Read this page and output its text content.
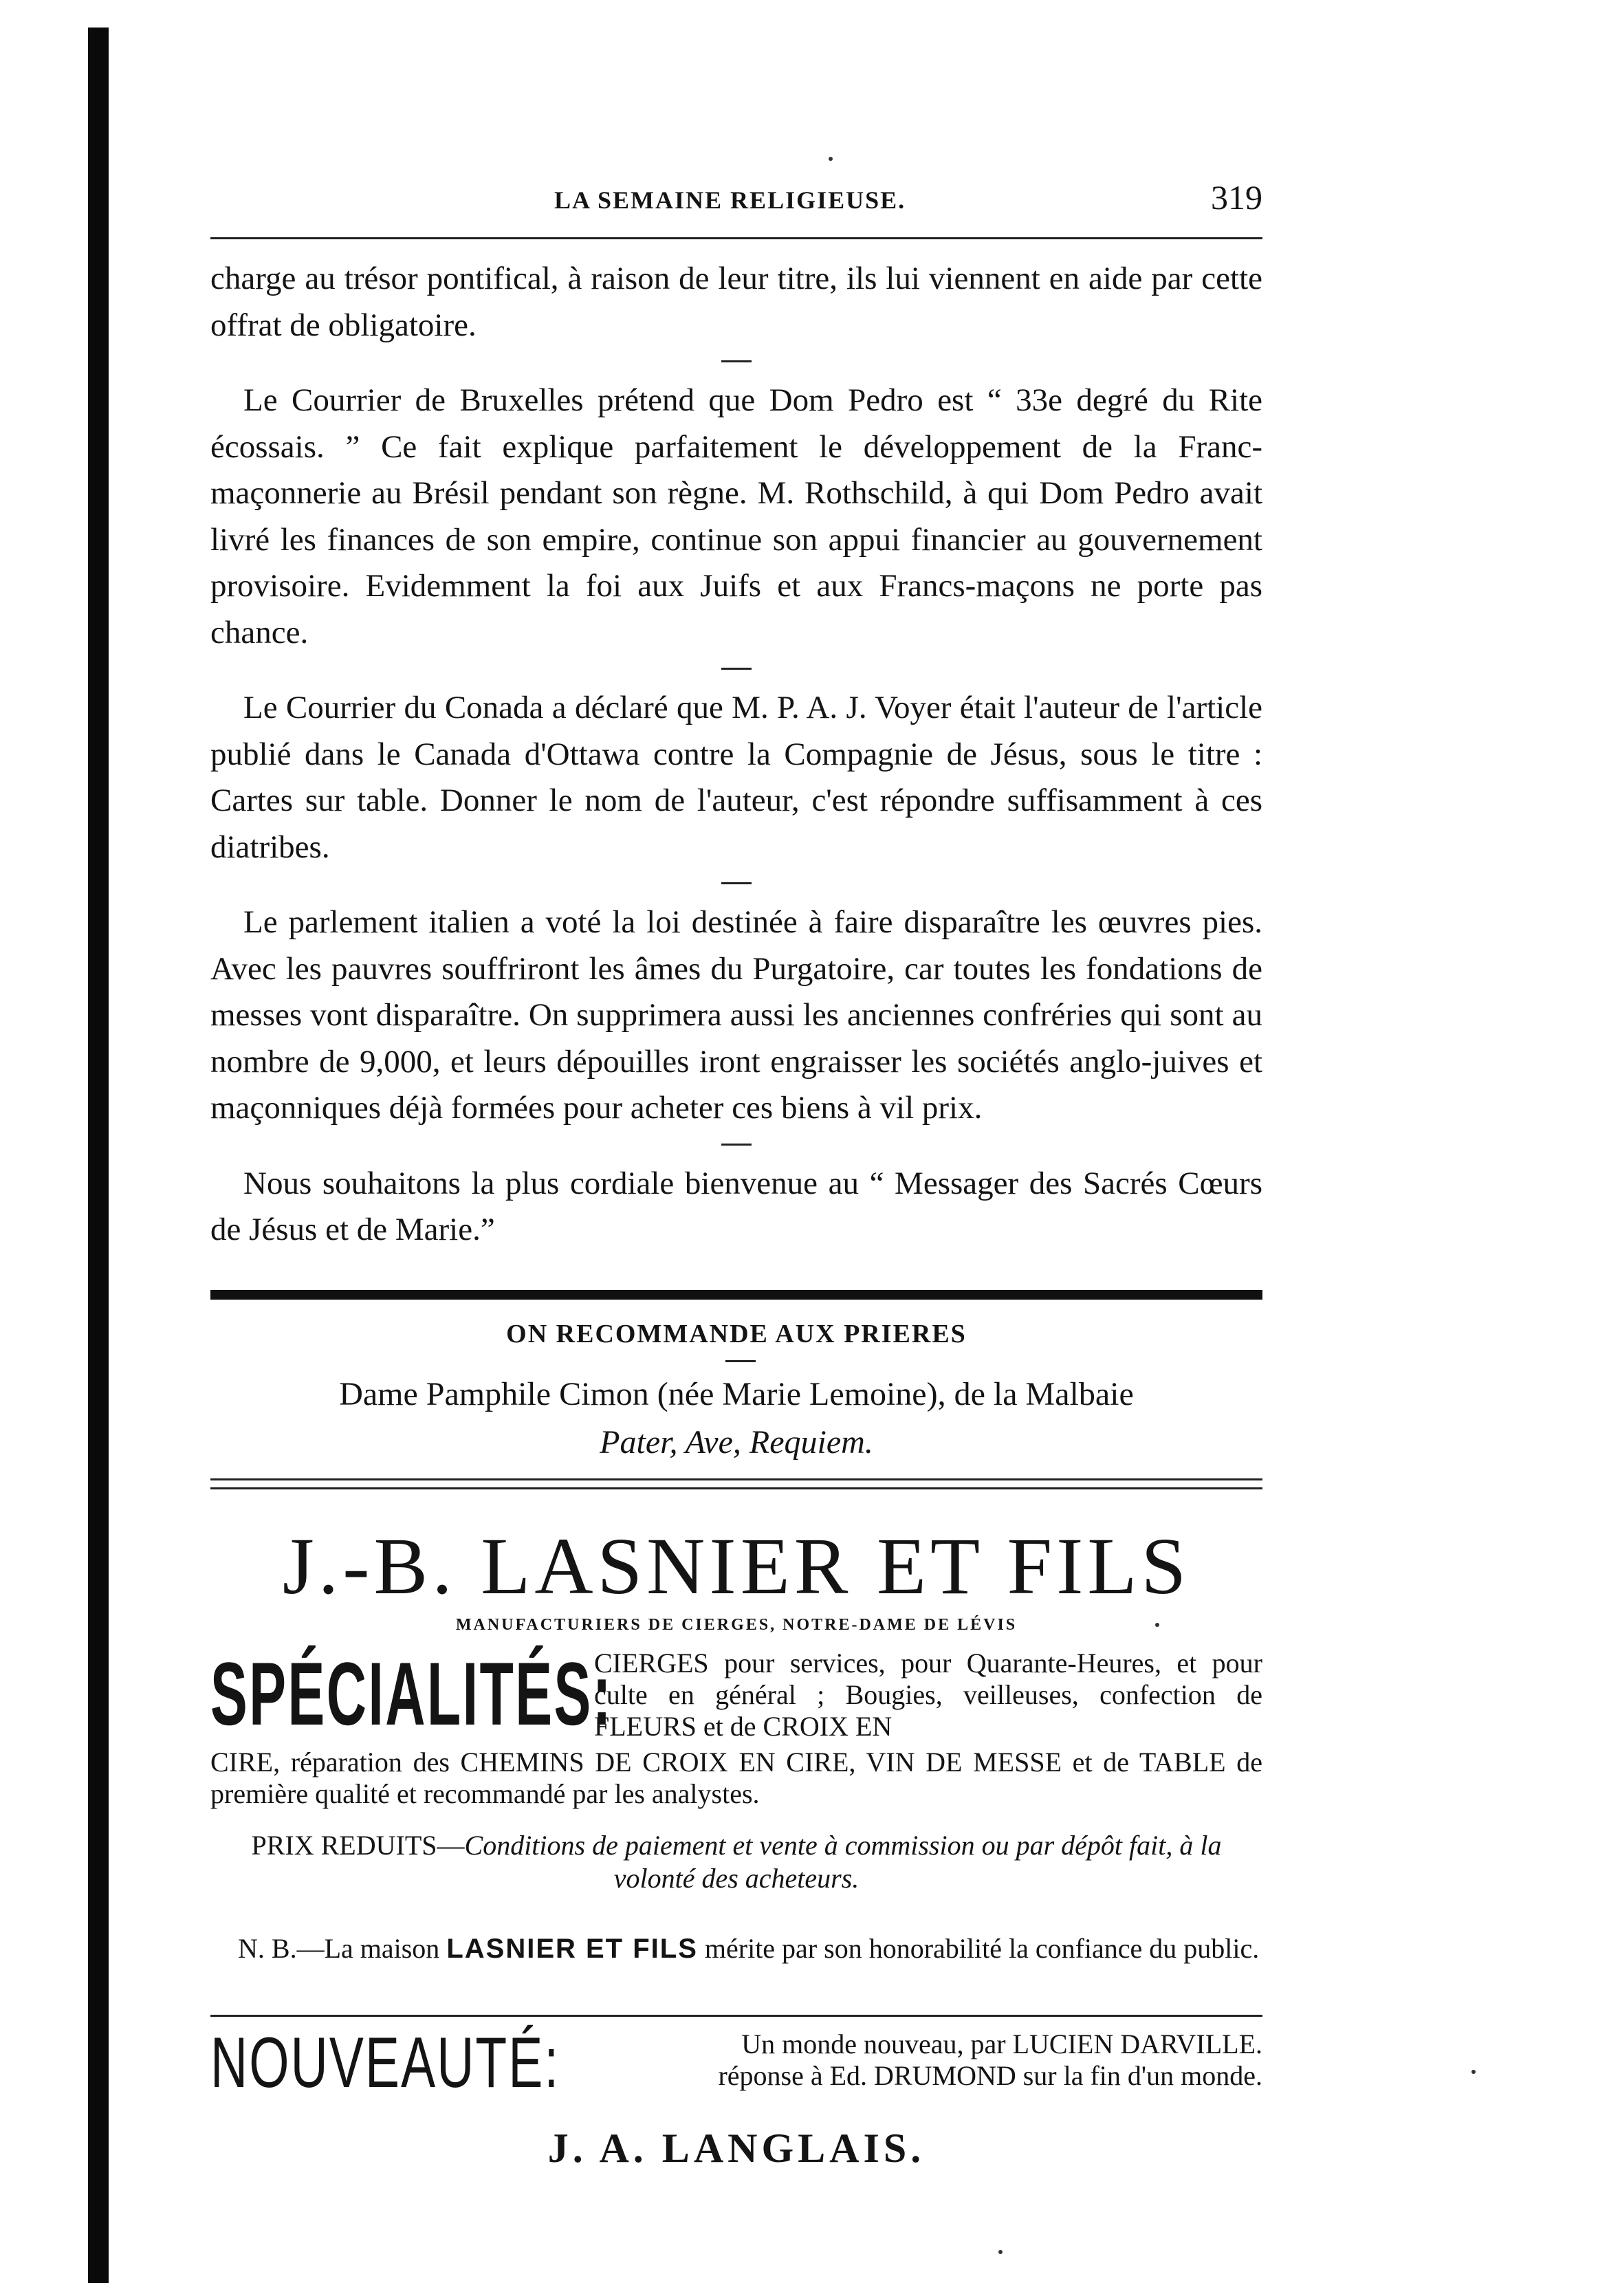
LA SEMAINE RELIGIEUSE.	319

charge au trésor pontifical, à raison de leur titre, ils lui viennent en aide par cette offrat de obligatoire.

Le Courrier de Bruxelles prétend que Dom Pedro est “ 33e degré du Rite écossais. ” Ce fait explique parfaitement le développement de la Franc-maçonnerie au Brésil pendant son règne. M. Rothschild, à qui Dom Pedro avait livré les finances de son empire, continue son appui financier au gouvernement provisoire. Evidemment la foi aux Juifs et aux Francs-maçons ne porte pas chance.

Le Courrier du Conada a déclaré que M. P. A. J. Voyer était l'auteur de l'article publié dans le Canada d'Ottawa contre la Compagnie de Jésus, sous le titre : Cartes sur table. Donner le nom de l'auteur, c'est répondre suffisamment à ces diatribes.

Le parlement italien a voté la loi destinée à faire disparaître les œuvres pies. Avec les pauvres souffriront les âmes du Purgatoire, car toutes les fondations de messes vont disparaître. On supprimera aussi les anciennes confréries qui sont au nombre de 9,000, et leurs dépouilles iront engraisser les sociétés anglo-juives et maçonniques déjà formées pour acheter ces biens à vil prix.

Nous souhaitons la plus cordiale bienvenue au “ Messager des Sacrés Cœurs de Jésus et de Marie.”

ON RECOMMANDE AUX PRIERES
Dame Pamphile Cimon (née Marie Lemoine), de la Malbaie
Pater, Ave, Requiem.
J.-B. LASNIER ET FILS
MANUFACTURIERS DE CIERGES, NOTRE-DAME DE LÉVIS
SPÉCIALITÉS:
CIERGES pour services, pour Quarante-Heures, et pour culte en général ; Bougies, veilleuses, confection de FLEURS et de CROIX EN
CIRE, réparation des CHEMINS DE CROIX EN CIRE, VIN DE MESSE et de TABLE de première qualité et recommandé par les analystes.
PRIX REDUITS—Conditions de paiement et vente à commission ou par dépôt fait, à la volonté des acheteurs.
N. B.—La maison LASNIER ET FILS mérite par son honorabilité la confiance du public.
NOUVEAUTÉ:	Un monde nouveau, par LUCIEN DARVILLE.
réponse à Ed. DRUMOND sur la fin d'un monde.
J. A. LANGLAIS.
